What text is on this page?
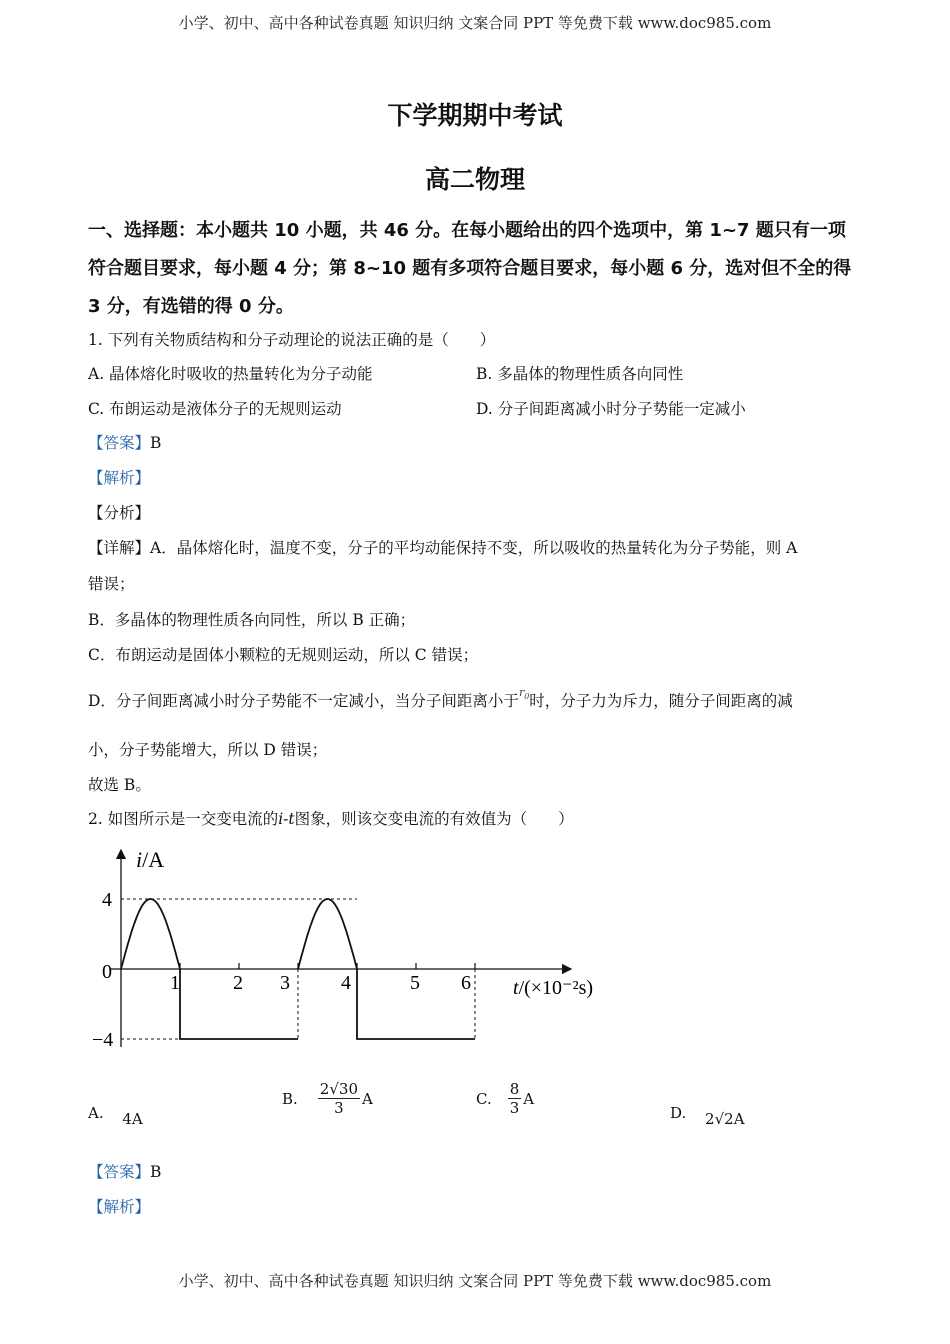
小学、初中、高中各种试卷真题 知识归纳 文案合同 PPT 等免费下载 www.doc985.com
下学期期中考试
高二物理
一、选择题：本小题共 10 小题，共 46 分。在每小题给出的四个选项中，第 1~7 题只有一项
符合题目要求，每小题 4 分；第 8~10 题有多项符合题目要求，每小题 6 分，选对但不全的得
3 分，有选错的得 0 分。
1. 下列有关物质结构和分子动理论的说法正确的是（　　）
A. 晶体熔化时吸收的热量转化为分子动能	B. 多晶体的物理性质各向同性
C. 布朗运动是液体分子的无规则运动	D. 分子间距离减小时分子势能一定减小
【答案】B
【解析】
【分析】
【详解】A．晶体熔化时，温度不变，分子的平均动能保持不变，所以吸收的热量转化为分子势能，则 A
错误；
B．多晶体的物理性质各向同性，所以 B 正确；
C．布朗运动是固体小颗粒的无规则运动，所以 C 错误；
D．分子间距离减小时分子势能不一定减小，当分子间距离小于$^{r_0}$时，分子力为斥力，随分子间距离的减
小，分子势能增大，所以 D 错误；
故选 B。
2. 如图所示是一交变电流的i-t图象，则该交变电流的有效值为（　　）
1	2 3	4	5 6
4
0
−4
i/A
t/(×10⁻²s)
A. 4A
B. $\frac{2√30}{3}$ A	C. $\frac{8}{3}$ A
D. 2√2A
【答案】B
【解析】
小学、初中、高中各种试卷真题 知识归纳 文案合同 PPT 等免费下载 www.doc985.com
